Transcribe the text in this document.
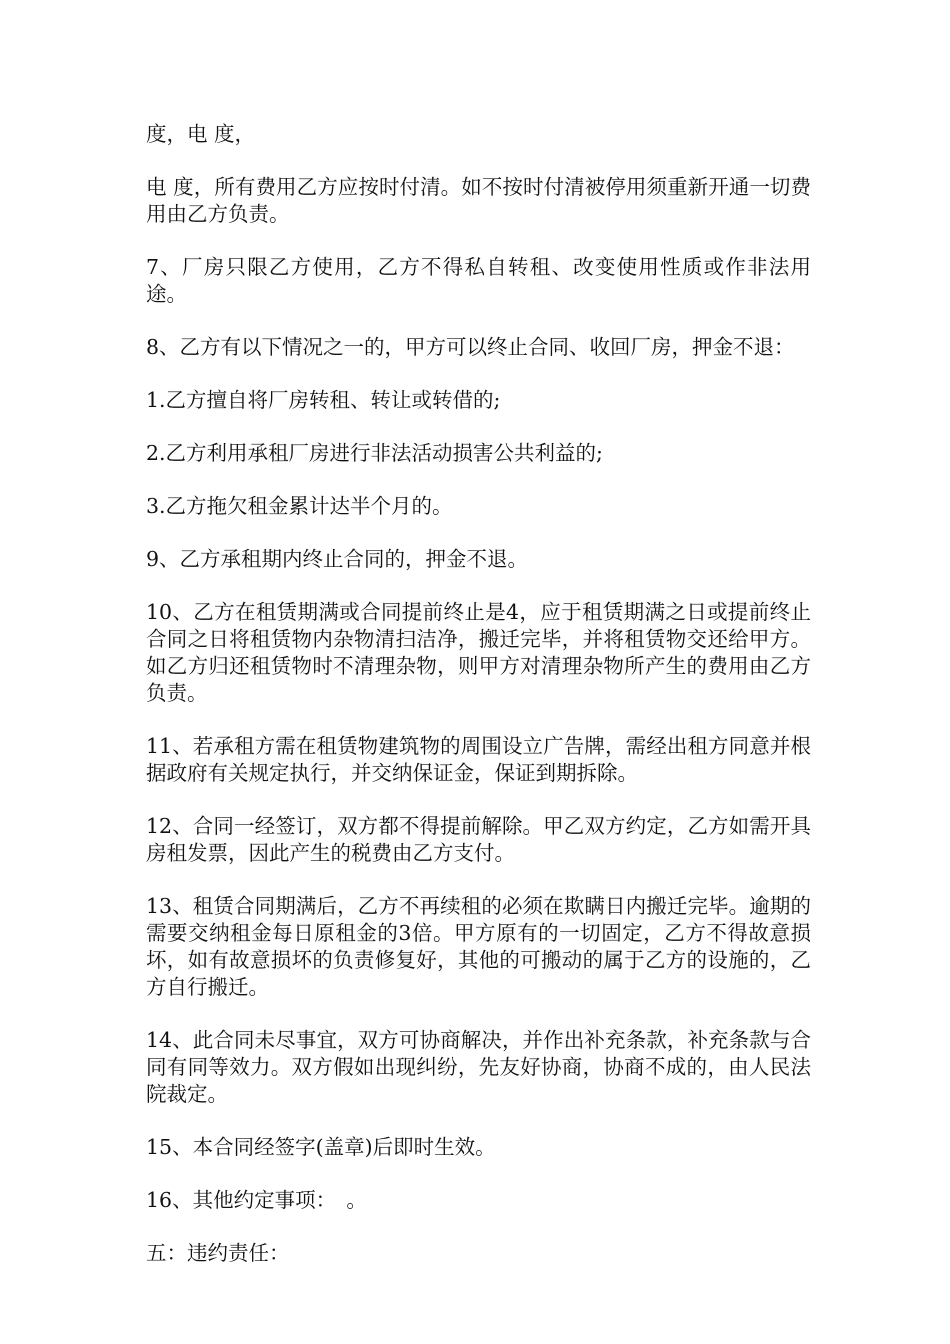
度，电 度，

电 度，所有费用乙方应按时付清。如不按时付清被停用须重新开通一切费用由乙方负责。

7、厂房只限乙方使用，乙方不得私自转租、改变使用性质或作非法用途。

8、乙方有以下情况之一的，甲方可以终止合同、收回厂房，押金不退：

1.乙方擅自将厂房转租、转让或转借的;

2.乙方利用承租厂房进行非法活动损害公共利益的;

3.乙方拖欠租金累计达半个月的。

9、乙方承租期内终止合同的，押金不退。

10、乙方在租赁期满或合同提前终止是4，应于租赁期满之日或提前终止合同之日将租赁物内杂物清扫洁净，搬迁完毕，并将租赁物交还给甲方。如乙方归还租赁物时不清理杂物，则甲方对清理杂物所产生的费用由乙方负责。

11、若承租方需在租赁物建筑物的周围设立广告牌，需经出租方同意并根据政府有关规定执行，并交纳保证金，保证到期拆除。

12、合同一经签订，双方都不得提前解除。甲乙双方约定，乙方如需开具房租发票，因此产生的税费由乙方支付。

13、租赁合同期满后，乙方不再续租的必须在欺瞒日内搬迁完毕。逾期的需要交纳租金每日原租金的3倍。甲方原有的一切固定，乙方不得故意损坏，如有故意损坏的负责修复好，其他的可搬动的属于乙方的设施的，乙方自行搬迁。

14、此合同未尽事宜，双方可协商解决，并作出补充条款，补充条款与合同有同等效力。双方假如出现纠纷，先友好协商，协商不成的，由人民法院裁定。

15、本合同经签字(盖章)后即时生效。

16、其他约定事项：　。

五：违约责任：
